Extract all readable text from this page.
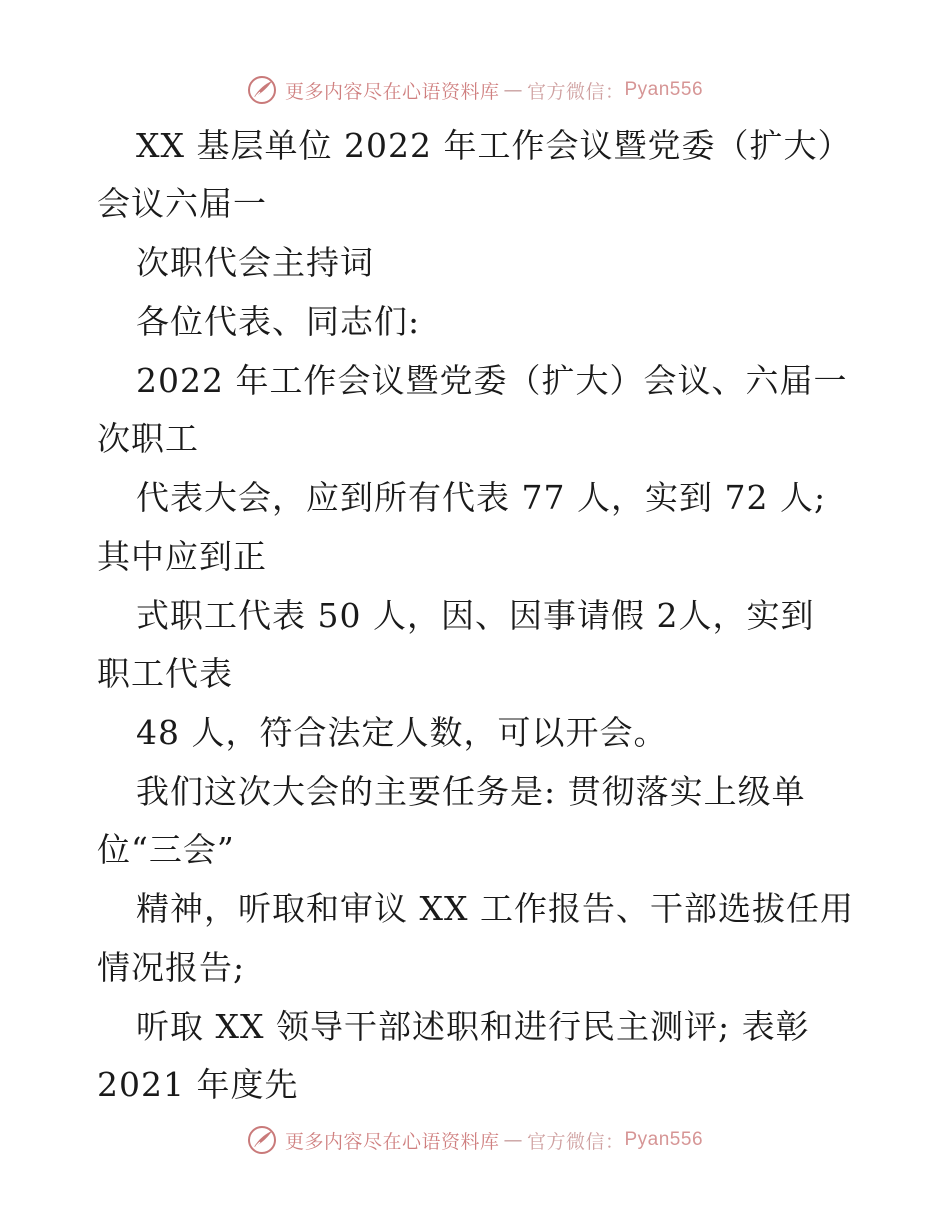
更多内容尽在心语资料库 — 官方微信： Pyan556
XX 基层单位 2022 年工作会议暨党委（扩大）
会议六届一
次职代会主持词
各位代表、同志们:
2022 年工作会议暨党委（扩大）会议、六届一
次职工
代表大会，应到所有代表 77 人，实到 72 人;
其中应到正
式职工代表 50 人，因、因事请假 2人，实到
职工代表
48 人，符合法定人数，可以开会。
我们这次大会的主要任务是: 贯彻落实上级单
位“三会”
精神，听取和审议 XX 工作报告、干部选拔任用
情况报告;
听取 XX 领导干部述职和进行民主测评; 表彰
2021 年度先
更多内容尽在心语资料库 — 官方微信： Pyan556
